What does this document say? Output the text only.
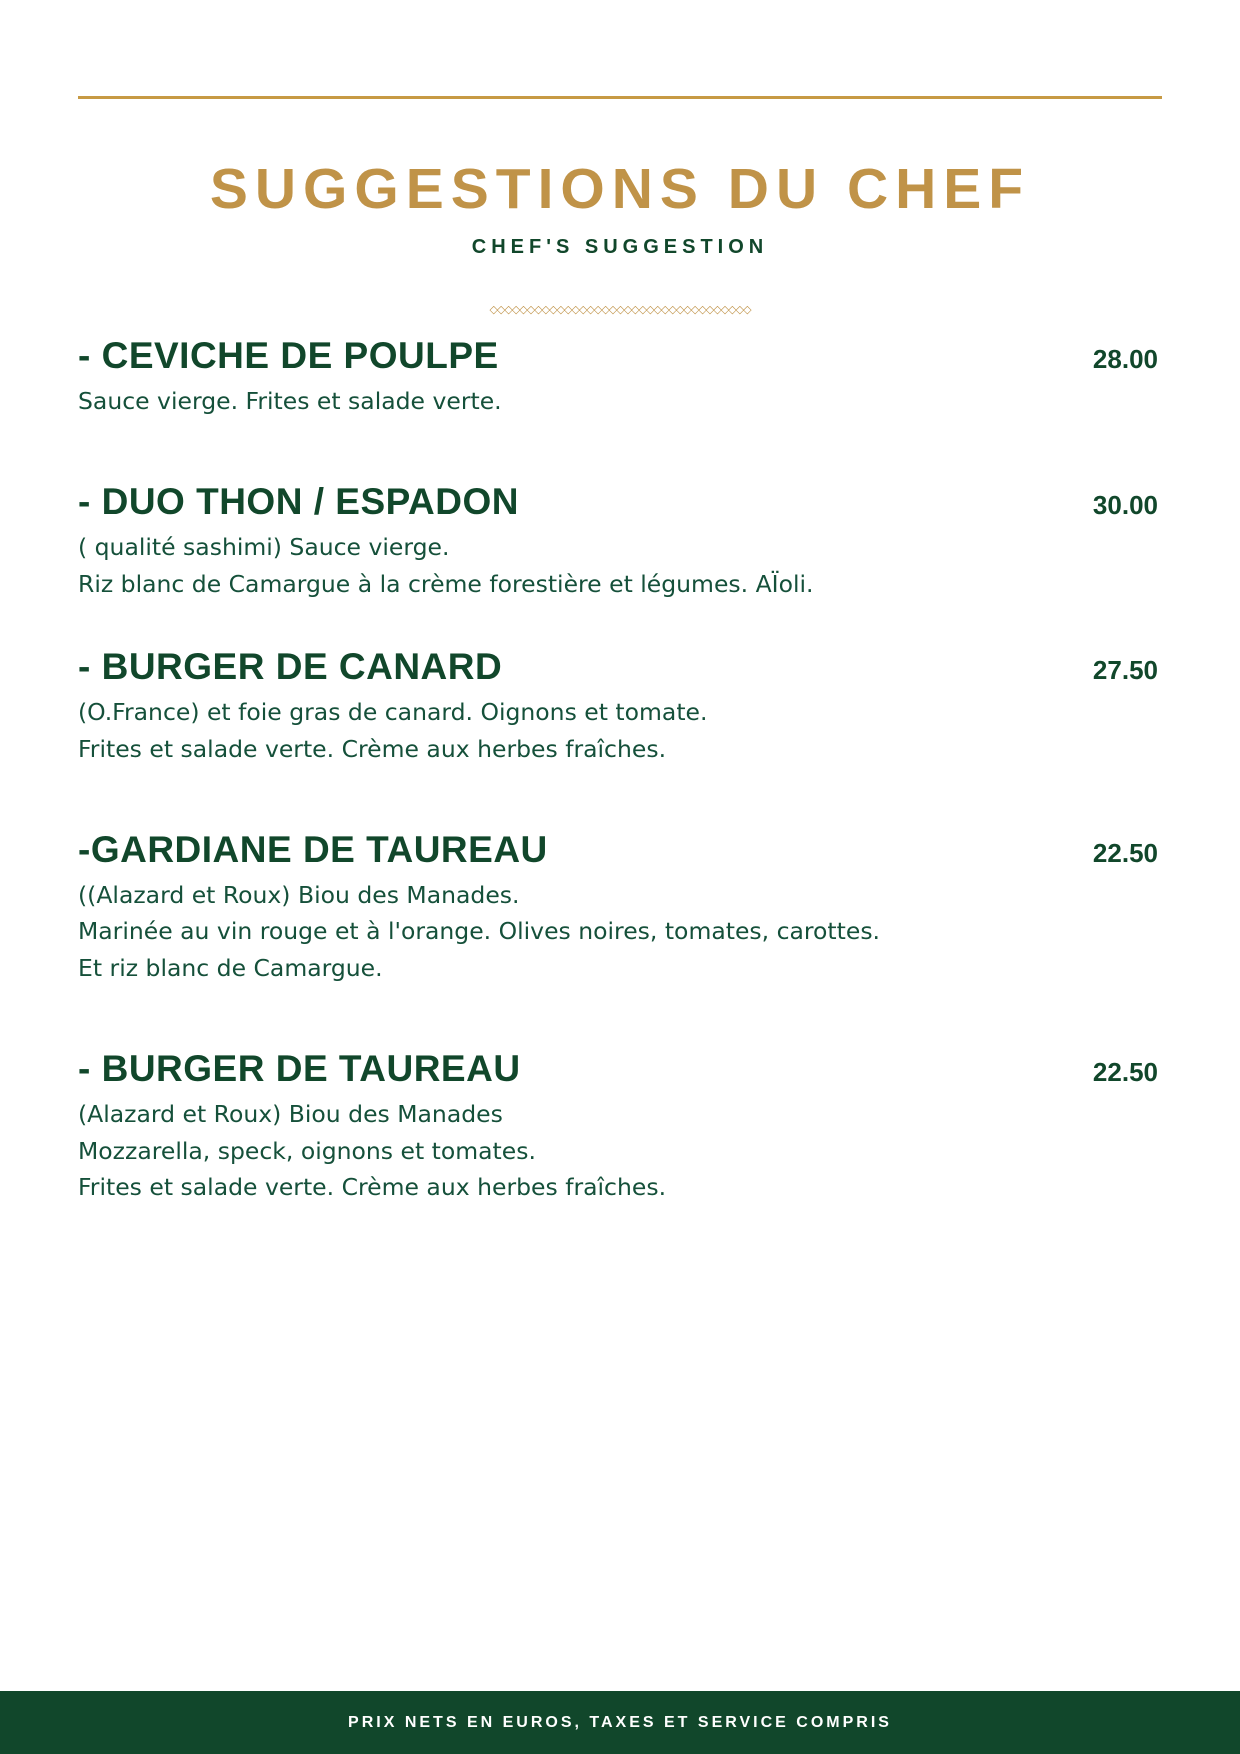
SUGGESTIONS DU CHEF
CHEF'S SUGGESTION
◇◇◇◇◇◇◇◇◇◇◇◇◇◇◇◇◇◇◇◇◇◇◇◇◇◇◇◇◇◇◇◇◇◇◇
- CEVICHE DE POULPE	28.00
Sauce vierge. Frites et salade verte.
- DUO THON / ESPADON	30.00
( qualité sashimi) Sauce vierge.
Riz blanc de Camargue à la crème forestière et légumes. AÏoli.
- BURGER DE CANARD	27.50
(O.France) et foie gras de canard. Oignons et tomate.
Frites et salade verte. Crème aux herbes fraîches.
-GARDIANE DE TAUREAU	22.50
((Alazard et Roux) Biou des Manades.
Marinée au vin rouge et à l'orange. Olives noires, tomates, carottes.
Et riz blanc de Camargue.
- BURGER DE TAUREAU	22.50
(Alazard et Roux) Biou des Manades
Mozzarella, speck, oignons et tomates.
Frites et salade verte. Crème aux herbes fraîches.
PRIX NETS EN EUROS, TAXES ET SERVICE COMPRIS
